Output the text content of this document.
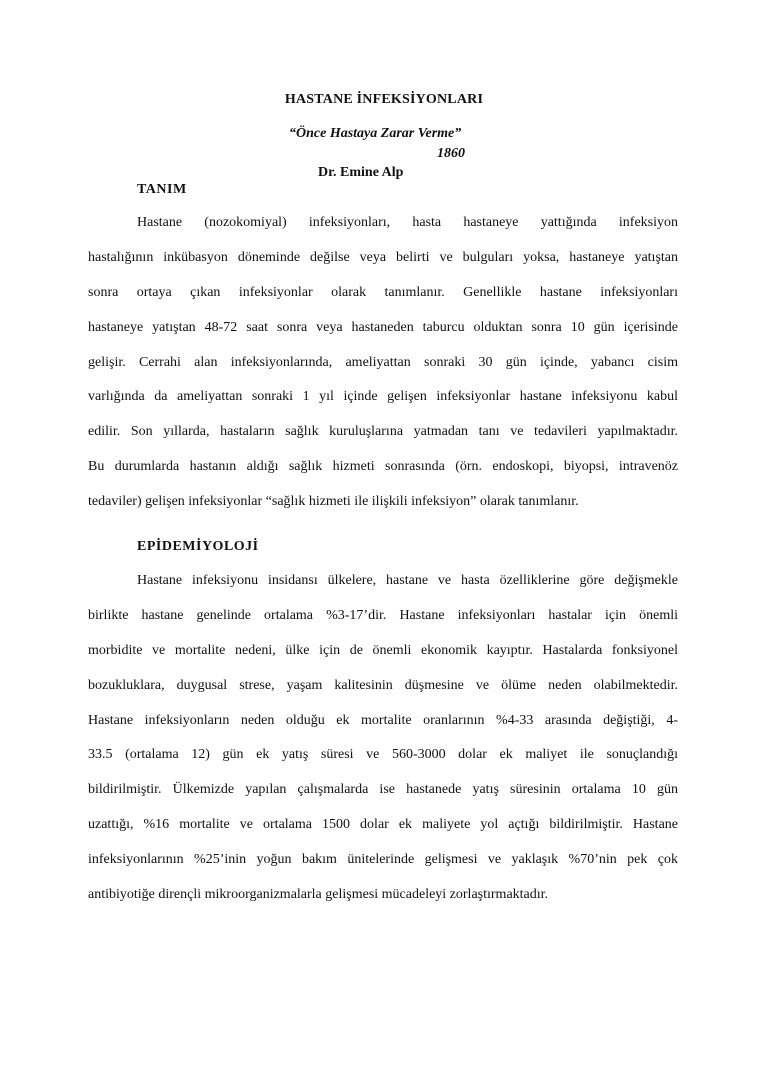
HASTANE İNFEKSİYONLARI
“Önce Hastaya Zarar Verme”
1860
Dr. Emine Alp
TANIM
Hastane (nozokomiyal) infeksiyonları, hasta hastaneye yattığında infeksiyon
hastalığının inkübasyon döneminde değilse veya belirti ve bulguları yoksa, hastaneye yatıştan
sonra ortaya çıkan infeksiyonlar olarak tanımlanır. Genellikle hastane infeksiyonları
hastaneye yatıştan 48-72 saat sonra veya hastaneden taburcu olduktan sonra 10 gün içerisinde
gelişir. Cerrahi alan infeksiyonlarında, ameliyattan sonraki 30 gün içinde, yabancı cisim
varlığında da ameliyattan sonraki 1 yıl içinde gelişen infeksiyonlar hastane infeksiyonu kabul
edilir. Son yıllarda, hastaların sağlık kuruluşlarına yatmadan tanı ve tedavileri yapılmaktadır.
Bu durumlarda hastanın aldığı sağlık hizmeti sonrasında (örn. endoskopi, biyopsi, intravenöz
tedaviler) gelişen infeksiyonlar “sağlık hizmeti ile ilişkili infeksiyon” olarak tanımlanır.
EPİDEMİYOLOJİ
Hastane infeksiyonu insidansı ülkelere, hastane ve hasta özelliklerine göre değişmekle
birlikte hastane genelinde ortalama %3-17’dir. Hastane infeksiyonları hastalar için önemli
morbidite ve mortalite nedeni, ülke için de önemli ekonomik kayıptır. Hastalarda fonksiyonel
bozukluklara, duygusal strese, yaşam kalitesinin düşmesine ve ölüme neden olabilmektedir.
Hastane infeksiyonların neden olduğu ek mortalite oranlarının %4-33 arasında değiştiği, 4-
33.5 (ortalama 12) gün ek yatış süresi ve 560-3000 dolar ek maliyet ile sonuçlandığı
bildirilmiştir. Ülkemizde yapılan çalışmalarda ise hastanede yatış süresinin ortalama 10 gün
uzattığı, %16 mortalite ve ortalama 1500 dolar ek maliyete yol açtığı bildirilmiştir. Hastane
infeksiyonlarının %25’inin yoğun bakım ünitelerinde gelişmesi ve yaklaşık %70’nin pek çok
antibiyotiğe dirençli mikroorganizmalarla gelişmesi mücadeleyi zorlaştırmaktadır.
